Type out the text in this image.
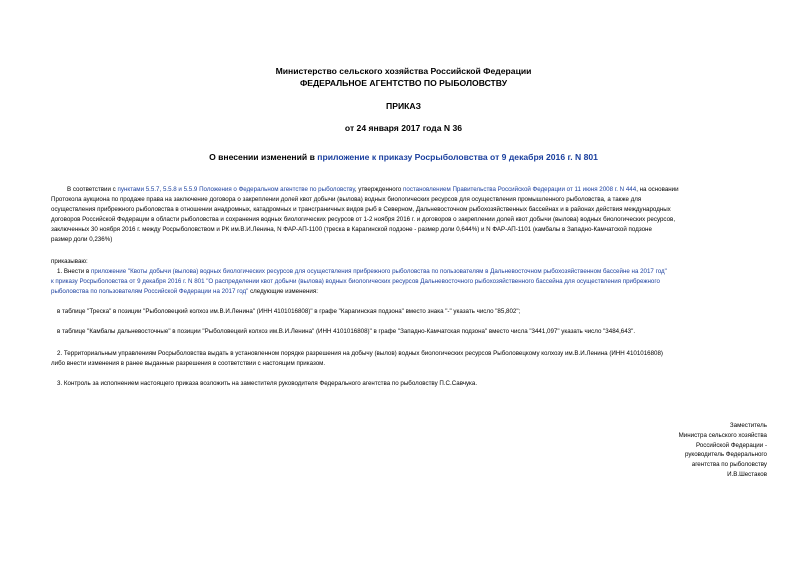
Министерство сельского хозяйства Российской Федерации
ФЕДЕРАЛЬНОЕ АГЕНТСТВО ПО РЫБОЛОВСТВУ
ПРИКАЗ
от 24 января 2017 года N 36
О внесении изменений в приложение к приказу Росрыболовства от 9 декабря 2016 г. N 801
В соответствии с пунктами 5.5.7, 5.5.8 и 5.5.9 Положения о Федеральном агентстве по рыболовству, утвержденного постановлением Правительства Российской Федерации от 11 июня 2008 г. N 444, на основании
Протокола аукциона по продаже права на заключение договора о закреплении долей квот добычи (вылова) водных биологических ресурсов для осуществления промышленного рыболовства, а также для
осуществления прибрежного рыболовства в отношении анадромных, катадромных и трансграничных видов рыб в Северном, Дальневосточном рыбохозяйственных бассейнах и в районах действия международных
договоров Российской Федерации в области рыболовства и сохранения водных биологических ресурсов от 1-2 ноября 2016 г. и договоров о закреплении долей квот добычи (вылова) водных биологических ресурсов,
заключенных 30 ноября 2016 г. между Росрыболовством и РК им.В.И.Ленина, N ФАР-АП-1100 (треска в Карагинской подзоне - размер доли 0,644%) и N ФАР-АП-1101 (камбалы в Западно-Камчатской подзоне
размер доли 0,236%)
приказываю:
1. Внести в приложение "Квоты добычи (вылова) водных биологических ресурсов для осуществления прибрежного рыболовства по пользователям в Дальневосточном рыбохозяйственном бассейне на 2017 год"
к приказу Росрыболовства от 9 декабря 2016 г. N 801 "О распределении квот добычи (вылова) водных биологических ресурсов Дальневосточного рыбохозяйственного бассейна для осуществления прибрежного
рыболовства по пользователям Российской Федерации на 2017 год" следующие изменения:
в таблице "Треска" в позиции "Рыболовецкий колхоз им.В.И.Ленина" (ИНН 4101016808)" в графе "Карагинская подзона" вместо знака "-" указать число "85,802";
в таблице "Камбалы дальневосточные" в позиции "Рыболовецкий колхоз им.В.И.Ленина" (ИНН 4101016808)" в графе "Западно-Камчатская подзона" вместо числа "3441,097" указать число "3484,643".
2. Территориальным управлениям Росрыболовства выдать в установленном порядке разрешения на добычу (вылов) водных биологических ресурсов Рыболовецкому колхозу им.В.И.Ленина (ИНН 4101016808)
либо внести изменения в ранее выданные разрешения в соответствии с настоящим приказом.
3. Контроль за исполнением настоящего приказа возложить на заместителя руководителя Федерального агентства по рыболовству П.С.Савчука.
Заместитель
Министра сельского хозяйства
Российской Федерации -
руководитель Федерального
агентства по рыболовству
И.В.Шестаков
